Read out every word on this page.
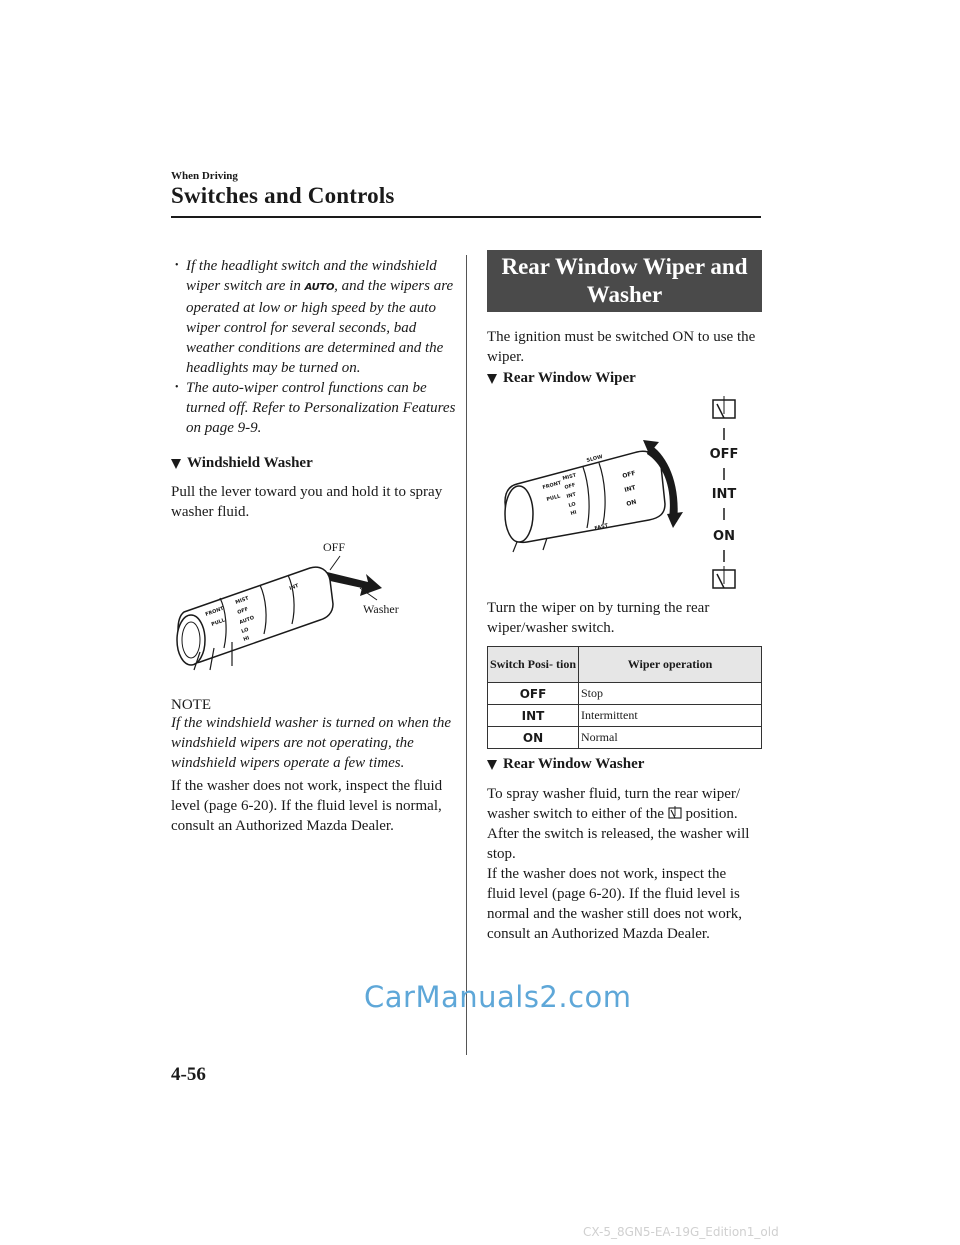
When Driving
Switches and Controls
• If the headlight switch and the windshield wiper switch are in AUTO, and the wipers are operated at low or high speed by the auto wiper control for several seconds, bad weather conditions are determined and the headlights may be turned on.
• The auto-wiper control functions can be turned off. Refer to Personalization Features on page 9-9.
Windshield Washer
Pull the lever toward you and hold it to spray washer fluid.
OFF
Washer
FRONT
PULL
MIST
OFF
AUTO
LO
HI
INT
NOTE
If the windshield washer is turned on when the windshield wipers are not operating, the windshield wipers operate a few times.
If the washer does not work, inspect the fluid level (page 6-20). If the fluid level is normal, consult an Authorized Mazda Dealer.
Rear Window Wiper and Washer
The ignition must be switched ON to use the wiper.
Rear Window Wiper
FRONT
PULL
MIST
OFF
INT
LO
HI
SLOW
FAST
OFF
INT
ON
OFF
INT
ON
Turn the wiper on by turning the rear wiper/washer switch.
Switch Posi- tion	Wiper operation
OFF	Stop
INT	Intermittent
ON	Normal
Rear Window Washer
To spray washer fluid, turn the rear wiper/ washer switch to either of the position. After the switch is released, the washer will stop.
If the washer does not work, inspect the fluid level (page 6-20). If the fluid level is normal and the washer still does not work, consult an Authorized Mazda Dealer.
CarManuals2.com
4-56
CX-5_8GN5-EA-19G_Edition1_old
